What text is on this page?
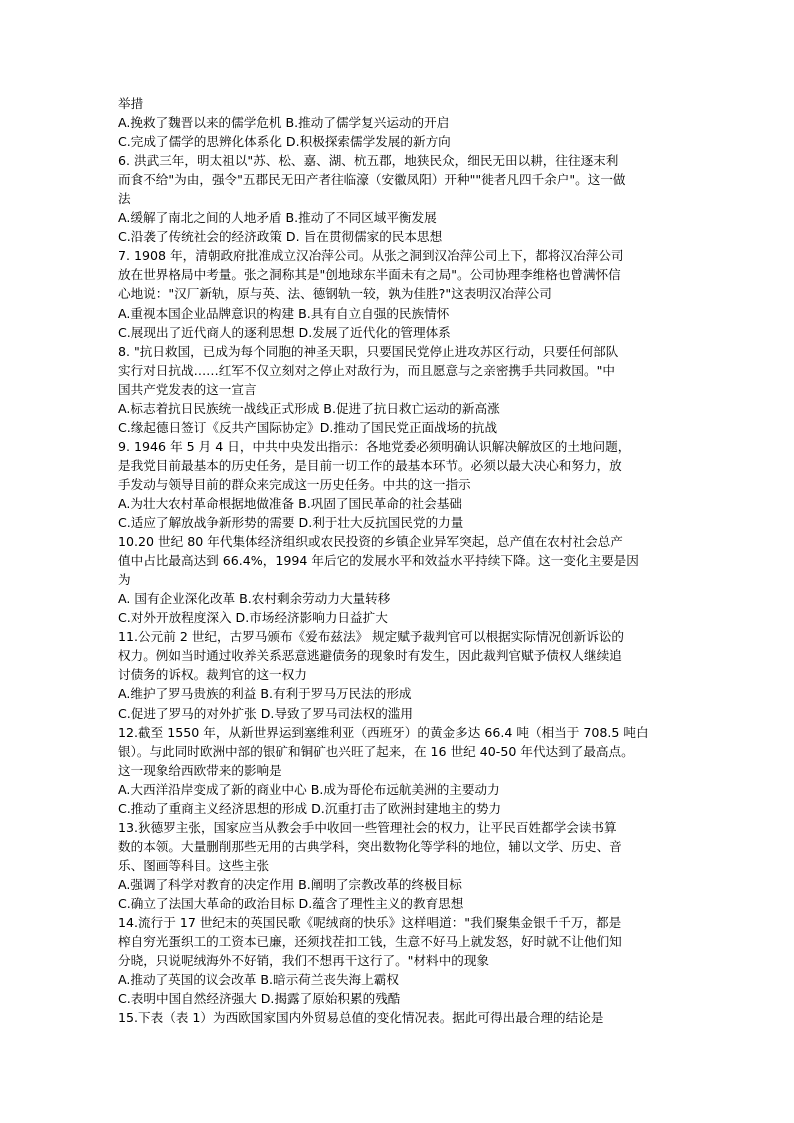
举措
A.挽救了魏晋以来的儒学危机 B.推动了儒学复兴运动的开启
C.完成了儒学的思辨化体系化 D.积极探索儒学发展的新方向
6. 洪武三年，明太祖以"苏、松、嘉、湖、杭五郡，地狭民众，细民无田以耕，往往逐末利
而食不给"为由，强令"五郡民无田产者往临濠（安徽凤阳）开种""徙者凡四千余户"。这一做
法
A.缓解了南北之间的人地矛盾 B.推动了不同区域平衡发展
C.沿袭了传统社会的经济政策 D. 旨在贯彻儒家的民本思想
7. 1908 年，清朝政府批准成立汉冶萍公司。从张之洞到汉冶萍公司上下，都将汉冶萍公司
放在世界格局中考量。张之洞称其是"创地球东半面未有之局"。公司协理李维格也曾满怀信
心地说："汉厂新轨，原与英、法、德钢轨一较，孰为佳胜?"这表明汉冶萍公司
A.重视本国企业品牌意识的构建 B.具有自立自强的民族情怀
C.展现出了近代商人的逐利思想 D.发展了近代化的管理体系
8. "抗日救国，已成为每个同胞的神圣天职，只要国民党停止进攻苏区行动，只要任何部队
实行对日抗战……红军不仅立刻对之停止对敌行为，而且愿意与之亲密携手共同救国。"中
国共产党发表的这一宣言
A.标志着抗日民族统一战线正式形成 B.促进了抗日救亡运动的新高涨
C.缘起德日签订《反共产国际协定》D.推动了国民党正面战场的抗战
9. 1946 年 5 月 4 日，中共中央发出指示：各地党委必须明确认识解决解放区的土地问题，
是我党目前最基本的历史任务，是目前一切工作的最基本环节。必须以最大决心和努力，放
手发动与领导目前的群众来完成这一历史任务。中共的这一指示
A.为壮大农村革命根据地做准备 B.巩固了国民革命的社会基础
C.适应了解放战争新形势的需要 D.利于壮大反抗国民党的力量
10.20 世纪 80 年代集体经济组织或农民投资的乡镇企业异军突起，总产值在农村社会总产
值中占比最高达到 66.4%，1994 年后它的发展水平和效益水平持续下降。这一变化主要是因
为
A. 国有企业深化改革 B.农村剩余劳动力大量转移
C.对外开放程度深入 D.市场经济影响力日益扩大
11.公元前 2 世纪，古罗马颁布《爱布兹法》 规定赋予裁判官可以根据实际情况创新诉讼的
权力。例如当时通过收养关系恶意逃避债务的现象时有发生，因此裁判官赋予债权人继续追
讨债务的诉权。裁判官的这一权力
A.维护了罗马贵族的利益 B.有利于罗马万民法的形成
C.促进了罗马的对外扩张 D.导致了罗马司法权的滥用
12.截至 1550 年，从新世界运到塞维利亚（西班牙）的黄金多达 66.4 吨（相当于 708.5 吨白
银）。与此同时欧洲中部的银矿和铜矿也兴旺了起来，在 16 世纪 40-50 年代达到了最高点。
这一现象给西欧带来的影响是
A.大西洋沿岸变成了新的商业中心 B.成为哥伦布远航美洲的主要动力
C.推动了重商主义经济思想的形成 D.沉重打击了欧洲封建地主的势力
13.狄德罗主张，国家应当从教会手中收回一些管理社会的权力，让平民百姓都学会读书算
数的本领。大量删削那些无用的古典学科，突出数物化等学科的地位，辅以文学、历史、音
乐、图画等科目。这些主张
A.强调了科学对教育的决定作用 B.阐明了宗教改革的终极目标
C.确立了法国大革命的政治目标 D.蕴含了理性主义的教育思想
14.流行于 17 世纪末的英国民歌《呢绒商的快乐》这样唱道："我们聚集金银千千万，都是
榨自穷光蛋织工的工资本已廉，还须找茬扣工钱，生意不好马上就发怒，好时就不让他们知
分晓，只说呢绒海外不好销，我们不想再干这行了。"材料中的现象
A.推动了英国的议会改革 B.暗示荷兰丧失海上霸权
C.表明中国自然经济强大 D.揭露了原始积累的残酷
15.下表（表 1）为西欧国家国内外贸易总值的变化情况表。据此可得出最合理的结论是
